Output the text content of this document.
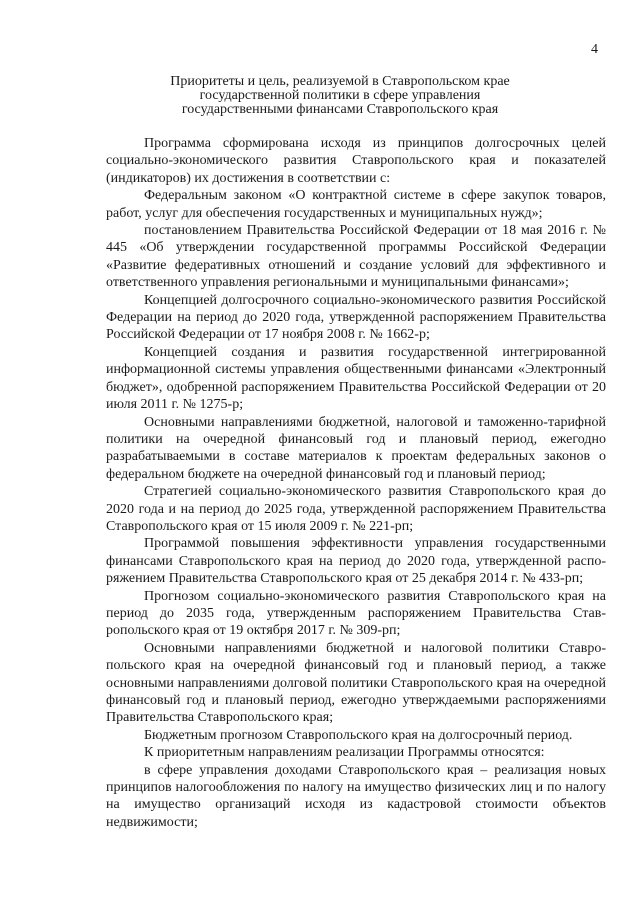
4
Приоритеты и цель, реализуемой в Ставропольском крае
государственной политики в сфере управления
государственными финансами Ставропольского края

Программа сформирована исходя из принципов долгосрочных целей социально-экономического развития Ставропольского края и показателей (индикаторов) их достижения в соответствии с:

Федеральным законом «О контрактной системе в сфере закупок товаров, работ, услуг для обеспечения государственных и муниципальных нужд»;

постановлением Правительства Российской Федерации от 18 мая 2016 г. № 445 «Об утверждении государственной программы Российской Федерации «Развитие федеративных отношений и создание условий для эффективного и ответственного управления региональными и муниципальными финансами»;

Концепцией долгосрочного социально-экономического развития Российской Федерации на период до 2020 года, утвержденной распоряжением Правительства Российской Федерации от 17 ноября 2008 г. № 1662-р;

Концепцией создания и развития государственной интегрированной информационной системы управления общественными финансами «Электронный бюджет», одобренной распоряжением Правительства Российской Федерации от 20 июля 2011 г. № 1275-р;

Основными направлениями бюджетной, налоговой и таможенно-тарифной политики на очередной финансовый год и плановый период, ежегодно разрабатываемыми в составе материалов к проектам федеральных законов о федеральном бюджете на очередной финансовый год и плановый период;

Стратегией социально-экономического развития Ставропольского края до 2020 года и на период до 2025 года, утвержденной распоряжением Правительства Ставропольского края от 15 июля 2009 г. № 221-рп;

Программой повышения эффективности управления государственными финансами Ставропольского края на период до 2020 года, утвержденной распоряжением Правительства Ставропольского края от 25 декабря 2014 г. № 433-рп;

Прогнозом социально-экономического развития Ставропольского края на период до 2035 года, утвержденным распоряжением Правительства Ставропольского края от 19 октября 2017 г. № 309-рп;

Основными направлениями бюджетной и налоговой политики Ставропольского края на очередной финансовый год и плановый период, а также основными направлениями долговой политики Ставропольского края на очередной финансовый год и плановый период, ежегодно утверждаемыми распоряжениями Правительства Ставропольского края;

Бюджетным прогнозом Ставропольского края на долгосрочный период.

К приоритетным направлениям реализации Программы относятся:

в сфере управления доходами Ставропольского края – реализация новых принципов налогообложения по налогу на имущество физических лиц и по налогу на имущество организаций исходя из кадастровой стоимости объектов недвижимости;
